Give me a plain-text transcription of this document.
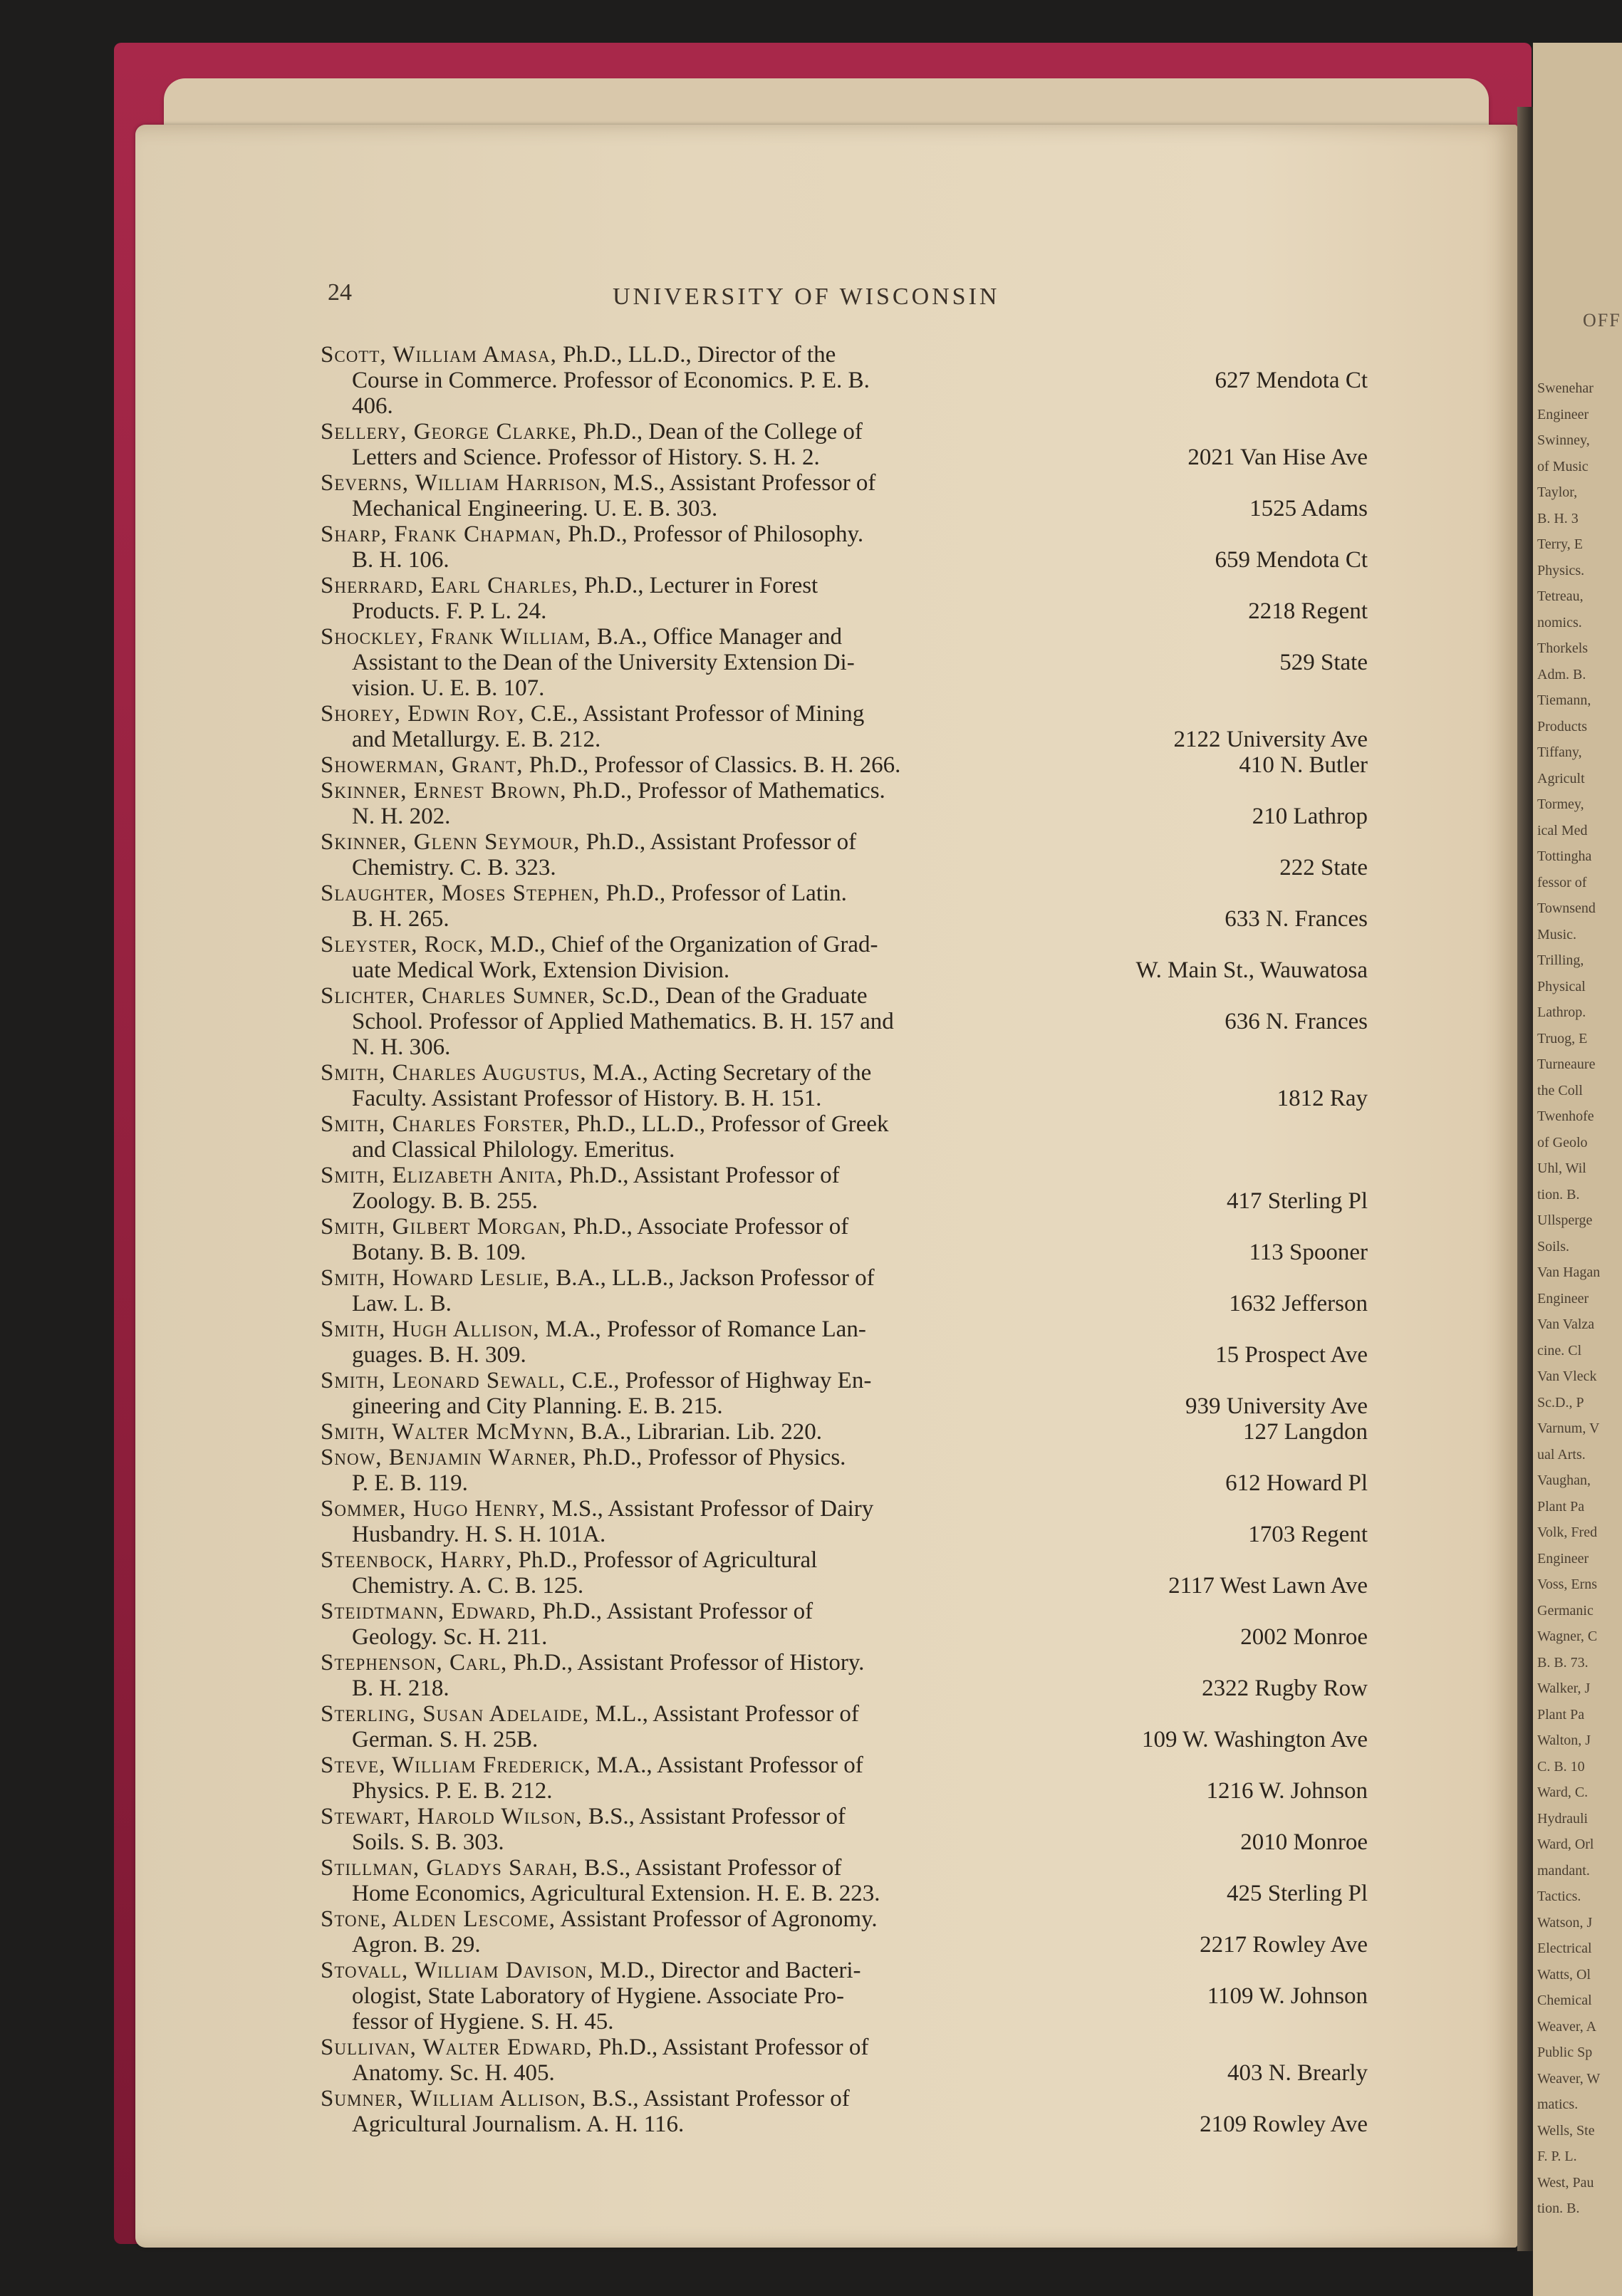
OFF
Swenehar
Engineer
Swinney,
of Music
Taylor,
B. H. 3
Terry, E
Physics.
Tetreau,
nomics.
Thorkels
Adm. B.
Tiemann,
Products
Tiffany,
Agricult
Tormey,
ical Med
Tottingha
fessor of
Townsend
Music.
Trilling,
Physical
Lathrop.
Truog, E
Turneaure
the Coll
Twenhofe
of Geolo
Uhl, Wil
tion. B.
Ullsperge
Soils.
Van Hagan
Engineer
Van Valza
cine. Cl
Van Vleck
Sc.D., P
Varnum, V
ual Arts.
Vaughan,
Plant Pa
Volk, Fred
Engineer
Voss, Erns
Germanic
Wagner, C
B. B. 73.
Walker, J
Plant Pa
Walton, J
C. B. 10
Ward, C.
Hydrauli
Ward, Orl
mandant.
Tactics.
Watson, J
Electrical
Watts, Ol
Chemical
Weaver, A
Public Sp
Weaver, W
matics.
Wells, Ste
F. P. L.
West, Pau
tion. B.
24	UNIVERSITY OF WISCONSIN
Scott, William Amasa, Ph.D., LL.D., Director of the
Course in Commerce. Professor of Economics. P. E. B.
406.
627 Mendota Ct
Sellery, George Clarke, Ph.D., Dean of the College of
Letters and Science. Professor of History. S. H. 2.	2021 Van Hise Ave
Severns, William Harrison, M.S., Assistant Professor of
Mechanical Engineering. U. E. B. 303.	1525 Adams
Sharp, Frank Chapman, Ph.D., Professor of Philosophy.
B. H. 106.	659 Mendota Ct
Sherrard, Earl Charles, Ph.D., Lecturer in Forest
Products. F. P. L. 24.	2218 Regent
Shockley, Frank William, B.A., Office Manager and
Assistant to the Dean of the University Extension Di-
vision. U. E. B. 107.
529 State
Shorey, Edwin Roy, C.E., Assistant Professor of Mining
and Metallurgy. E. B. 212.	2122 University Ave
Showerman, Grant, Ph.D., Professor of Classics. B. H. 266.	410 N. Butler
Skinner, Ernest Brown, Ph.D., Professor of Mathematics.
N. H. 202.	210 Lathrop
Skinner, Glenn Seymour, Ph.D., Assistant Professor of
Chemistry. C. B. 323.	222 State
Slaughter, Moses Stephen, Ph.D., Professor of Latin.
B. H. 265.	633 N. Frances
Sleyster, Rock, M.D., Chief of the Organization of Grad-
uate Medical Work, Extension Division.	W. Main St., Wauwatosa
Slichter, Charles Sumner, Sc.D., Dean of the Graduate
School. Professor of Applied Mathematics. B. H. 157 and
N. H. 306.
636 N. Frances
Smith, Charles Augustus, M.A., Acting Secretary of the
Faculty. Assistant Professor of History. B. H. 151.	1812 Ray
Smith, Charles Forster, Ph.D., LL.D., Professor of Greek
and Classical Philology. Emeritus.
Smith, Elizabeth Anita, Ph.D., Assistant Professor of
Zoology. B. B. 255.	417 Sterling Pl
Smith, Gilbert Morgan, Ph.D., Associate Professor of
Botany. B. B. 109.	113 Spooner
Smith, Howard Leslie, B.A., LL.B., Jackson Professor of
Law. L. B.	1632 Jefferson
Smith, Hugh Allison, M.A., Professor of Romance Lan-
guages. B. H. 309.	15 Prospect Ave
Smith, Leonard Sewall, C.E., Professor of Highway En-
gineering and City Planning. E. B. 215.	939 University Ave
Smith, Walter McMynn, B.A., Librarian. Lib. 220.	127 Langdon
Snow, Benjamin Warner, Ph.D., Professor of Physics.
P. E. B. 119.	612 Howard Pl
Sommer, Hugo Henry, M.S., Assistant Professor of Dairy
Husbandry. H. S. H. 101A.	1703 Regent
Steenbock, Harry, Ph.D., Professor of Agricultural
Chemistry. A. C. B. 125.	2117 West Lawn Ave
Steidtmann, Edward, Ph.D., Assistant Professor of
Geology. Sc. H. 211.	2002 Monroe
Stephenson, Carl, Ph.D., Assistant Professor of History.
B. H. 218.	2322 Rugby Row
Sterling, Susan Adelaide, M.L., Assistant Professor of
German. S. H. 25B.	109 W. Washington Ave
Steve, William Frederick, M.A., Assistant Professor of
Physics. P. E. B. 212.	1216 W. Johnson
Stewart, Harold Wilson, B.S., Assistant Professor of
Soils. S. B. 303.	2010 Monroe
Stillman, Gladys Sarah, B.S., Assistant Professor of
Home Economics, Agricultural Extension. H. E. B. 223.	425 Sterling Pl
Stone, Alden Lescome, Assistant Professor of Agronomy.
Agron. B. 29.	2217 Rowley Ave
Stovall, William Davison, M.D., Director and Bacteri-
ologist, State Laboratory of Hygiene. Associate Pro-
fessor of Hygiene. S. H. 45.
1109 W. Johnson
Sullivan, Walter Edward, Ph.D., Assistant Professor of
Anatomy. Sc. H. 405.	403 N. Brearly
Sumner, William Allison, B.S., Assistant Professor of
Agricultural Journalism. A. H. 116.	2109 Rowley Ave
